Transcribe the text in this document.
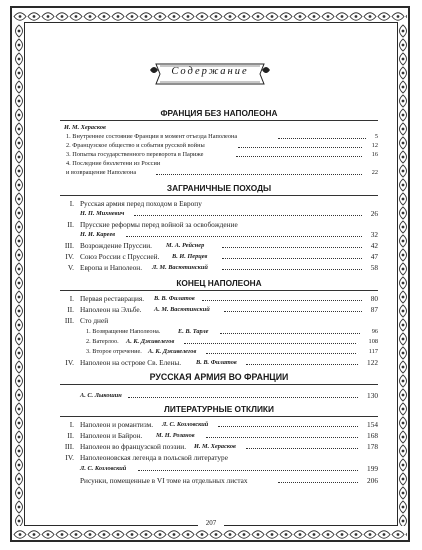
Содержание
ФРАНЦИЯ БЕЗ НАПОЛЕОНА
И. М. Херасков
1. Внутреннее состояние Франции в момент отъезда Наполеона	5
2. Французское общество и события русской войны	12
3. Попытка государственного переворота в Париже	16
4. Последние бюллетени из России
и возвращение Наполеона	22
ЗАГРАНИЧНЫЕ ПОХОДЫ
I. Русская армия перед походом в Европу
Н. П. Михневич	26
II. Прусские реформы перед войной за освобождение
Н. И. Кареев	32
III. Возрождение Пруссии. М. А. Рейснер	42
IV. Союз России с Пруссией. В. И. Перцев	47
V. Европа и Наполеон. Л. М. Васютинский	58
КОНЕЦ НАПОЛЕОНА
I. Первая реставрация. В. В. Филатов	80
II. Наполеон на Эльбе. А. М. Васютинский	87
III. Сто дней
1. Возвращение Наполеона.	Е. В. Тарле	96
2. Ватерлоо. А. К. Дживелегов	108
3. Второе отречение. А. К. Дживелегов	117
IV. Наполеон на острове Св. Елены. В. В. Филатов	122
РУССКАЯ АРМИЯ ВО ФРАНЦИИ
А. С. Лыкошин	130
ЛИТЕРАТУРНЫЕ ОТКЛИКИ
I. Наполеон и романтизм. Л. С. Козловский	154
II. Наполеон и Байрон. М. Н. Розанов	168
III. Наполеон во французской поэзии. И. М. Херасков	178
IV. Наполеоновская легенда в польской литературе
Л. С. Козловский	199
Рисунки, помещенные в VI томе на отдельных листах	206
207
